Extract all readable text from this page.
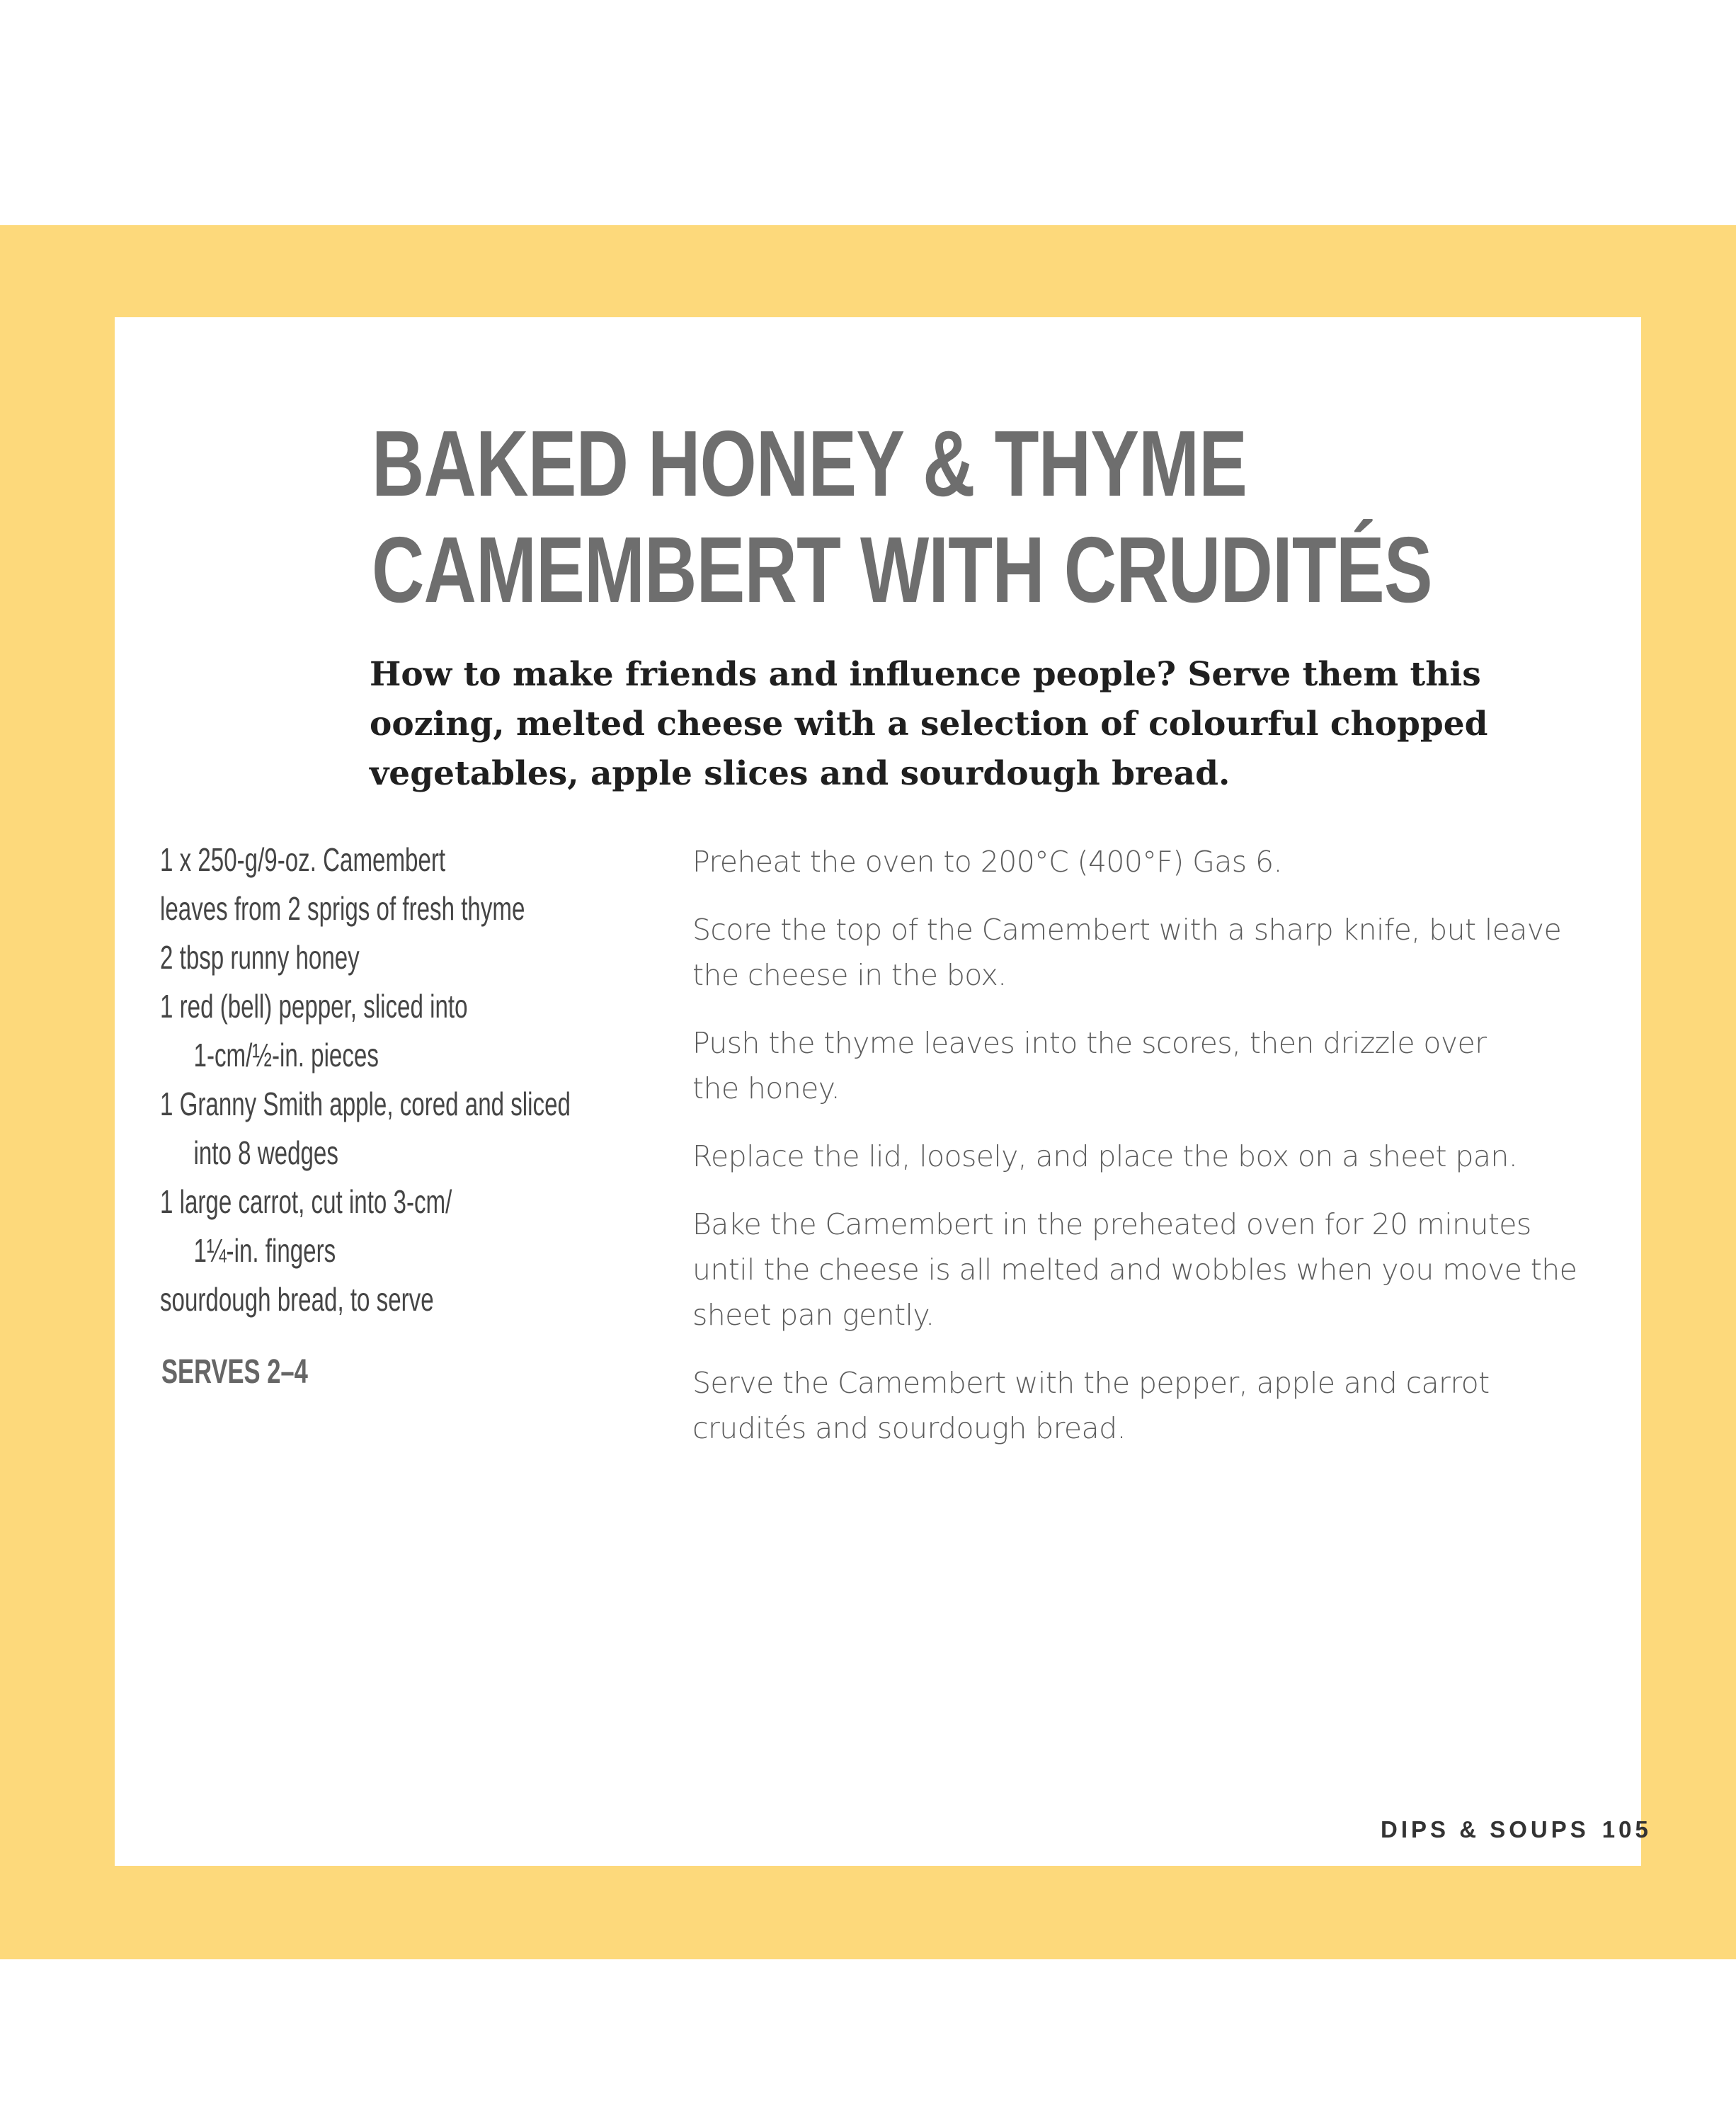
BAKED HONEY & THYME
CAMEMBERT WITH CRUDITÉS

How to make friends and influence people? Serve them this
oozing, melted cheese with a selection of colourful chopped
vegetables, apple slices and sourdough bread.

1 x 250-g/9-oz. Camembert
leaves from 2 sprigs of fresh thyme
2 tbsp runny honey
1 red (bell) pepper, sliced into
1-cm/½-in. pieces
1 Granny Smith apple, cored and sliced
into 8 wedges
1 large carrot, cut into 3-cm/
1¼-in. fingers
sourdough bread, to serve
SERVES 2–4
Preheat the oven to 200°C (400°F) Gas 6.
Score the top of the Camembert with a sharp knife, but leave
the cheese in the box.
Push the thyme leaves into the scores, then drizzle over
the honey.
Replace the lid, loosely, and place the box on a sheet pan.
Bake the Camembert in the preheated oven for 20 minutes
until the cheese is all melted and wobbles when you move the
sheet pan gently.
Serve the Camembert with the pepper, apple and carrot
crudités and sourdough bread.
DIPS & SOUPS 105
